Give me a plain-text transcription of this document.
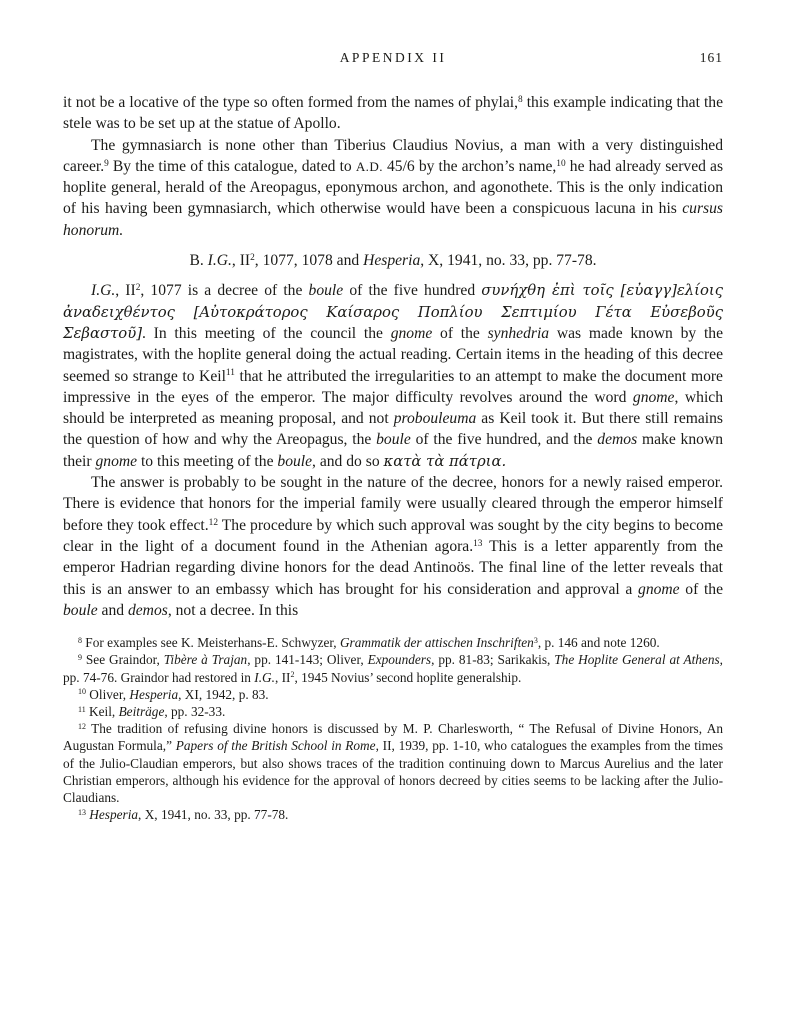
APPENDIX II	161

it not be a locative of the type so often formed from the names of phylai,$^8$ this example indicating that the stele was to be set up at the statue of Apollo.

The gymnasiarch is none other than Tiberius Claudius Novius, a man with a very distinguished career.$^9$ By the time of this catalogue, dated to A.D. 45/6 by the archon’s name,$^{10}$ he had already served as hoplite general, herald of the Areopagus, eponymous archon, and agonothete. This is the only indication of his having been gymnasiarch, which otherwise would have been a conspicuous lacuna in his cursus honorum.

B. I.G., $II^2$, 1077, 1078 and Hesperia, X, 1941, no. 33, pp. 77-78.

I.G., $II^2$, 1077 is a decree of the boule of the five hundred συνήχθη ἐπὶ τοῖς [εὐαγγ]ελίοις ἀναδειχθέντος [Αὐτοκράτορος Καίσαρος Ποπλίου Σεπτιμίου Γέτα Εὐσεβοῦς Σεβαστοῦ]. In this meeting of the council the gnome of the synhedria was made known by the magistrates, with the hoplite general doing the actual reading. Certain items in the heading of this decree seemed so strange to Keil$^{11}$ that he attributed the irregularities to an attempt to make the document more impressive in the eyes of the emperor. The major difficulty revolves around the word gnome, which should be interpreted as meaning proposal, and not probouleuma as Keil took it. But there still remains the question of how and why the Areopagus, the boule of the five hundred, and the demos make known their gnome to this meeting of the boule, and do so κατὰ τὰ πάτρια.

The answer is probably to be sought in the nature of the decree, honors for a newly raised emperor. There is evidence that honors for the imperial family were usually cleared through the emperor himself before they took effect.$^{12}$ The procedure by which such approval was sought by the city begins to become clear in the light of a document found in the Athenian agora.$^{13}$ This is a letter apparently from the emperor Hadrian regarding divine honors for the dead Antinoös. The final line of the letter reveals that this is an answer to an embassy which has brought for his consideration and approval a gnome of the boule and demos, not a decree. In this

$^8$ For examples see K. Meisterhans-E. Schwyzer, Grammatik der attischen Inschriften$^3$, p. 146 and note 1260.

$^9$ See Graindor, Tibère à Trajan, pp. 141-143; Oliver, Expounders, pp. 81-83; Sarikakis, The Hoplite General at Athens, pp. 74-76. Graindor had restored in I.G., $II^2$, 1945 Novius’ second hoplite generalship.

$^{10}$ Oliver, Hesperia, XI, 1942, p. 83.

$^{11}$ Keil, Beiträge, pp. 32-33.

$^{12}$ The tradition of refusing divine honors is discussed by M. P. Charlesworth, “ The Refusal of Divine Honors, An Augustan Formula,” Papers of the British School in Rome, II, 1939, pp. 1-10, who catalogues the examples from the times of the Julio-Claudian emperors, but also shows traces of the tradition continuing down to Marcus Aurelius and the later Christian emperors, although his evidence for the approval of honors decreed by cities seems to be lacking after the Julio-Claudians.

$^{13}$ Hesperia, X, 1941, no. 33, pp. 77-78.
